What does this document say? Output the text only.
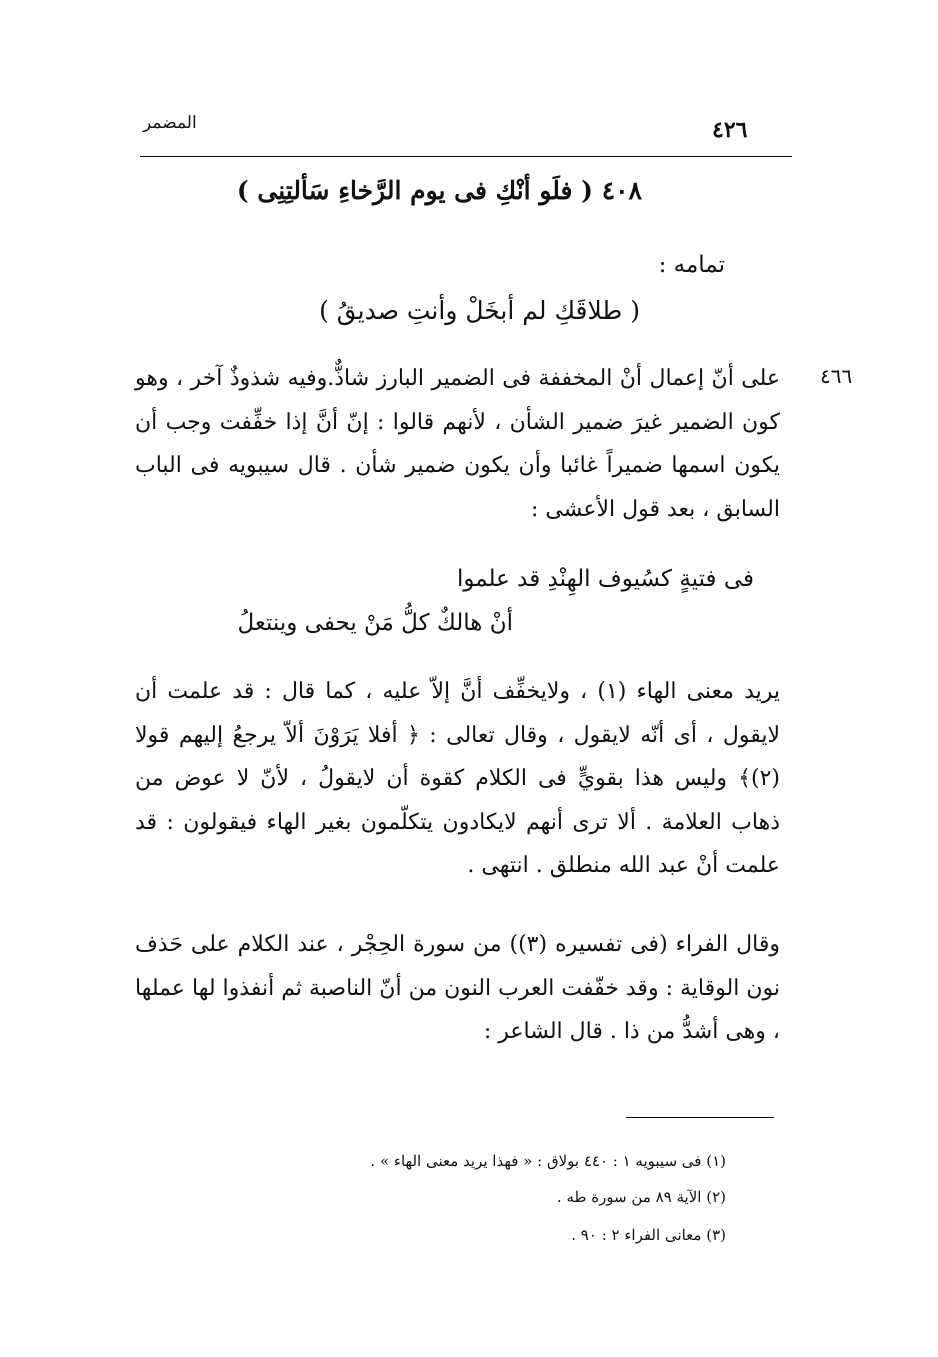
المضمر	٤٢٦
٤٠٨ ( فلَو أنْكِ فى يوم الرَّخاءِ سَألتِنِى )
تمامه :
( طلاقَكِ لم أبخَلْ وأنتِ صديقُ )
٤٦٦

على أنّ إعمال أنْ المخففة فى الضمير البارز شاذٌّ.وفيه شذوذٌ آخر ، وهو كون الضمير غيرَ ضمير الشأن ، لأنهم قالوا : إنّ أنَّ إذا خفِّفت وجب أن يكون اسمها ضميراً غائبا وأن يكون ضمير شأن . قال سيبويه فى الباب السابق ، بعد قول الأعشى :

فى فتيةٍ كسُيوف الهِنْدِ قد علموا
أنْ هالكٌ كلُّ مَنْ يحفى وينتعلُ

يريد معنى الهاء (١) ، ولايخفِّف أنَّ إلاّ عليه ، كما قال : قد علمت أن لايقول ، أى أنّه لايقول ، وقال تعالى : ﴿ أفلا يَرَوْنَ ألاّ يرجعُ إليهم قولا (٢)﴾ وليس هذا بقويٍّ فى الكلام كقوة أن لايقولُ ، لأنّ لا عوض من ذهاب العلامة . ألا ترى أنهم لايكادون يتكلّمون بغير الهاء فيقولون : قد علمت أنْ عبد الله منطلق . انتهى .

وقال الفراء (فى تفسيره (٣)) من سورة الحِجْر ، عند الكلام على حَذف نون الوقاية : وقد خفّفت العرب النون من أنّ الناصبة ثم أنفذوا لها عملها ، وهى أشدُّ من ذا . قال الشاعر :

(١) فى سيبويه ١ : ٤٤٠ بولاق : « فهذا يريد معنى الهاء » .
(٢) الآية ٨٩ من سورة طه .
(٣) معانى الفراء ٢ : ٩٠ .
